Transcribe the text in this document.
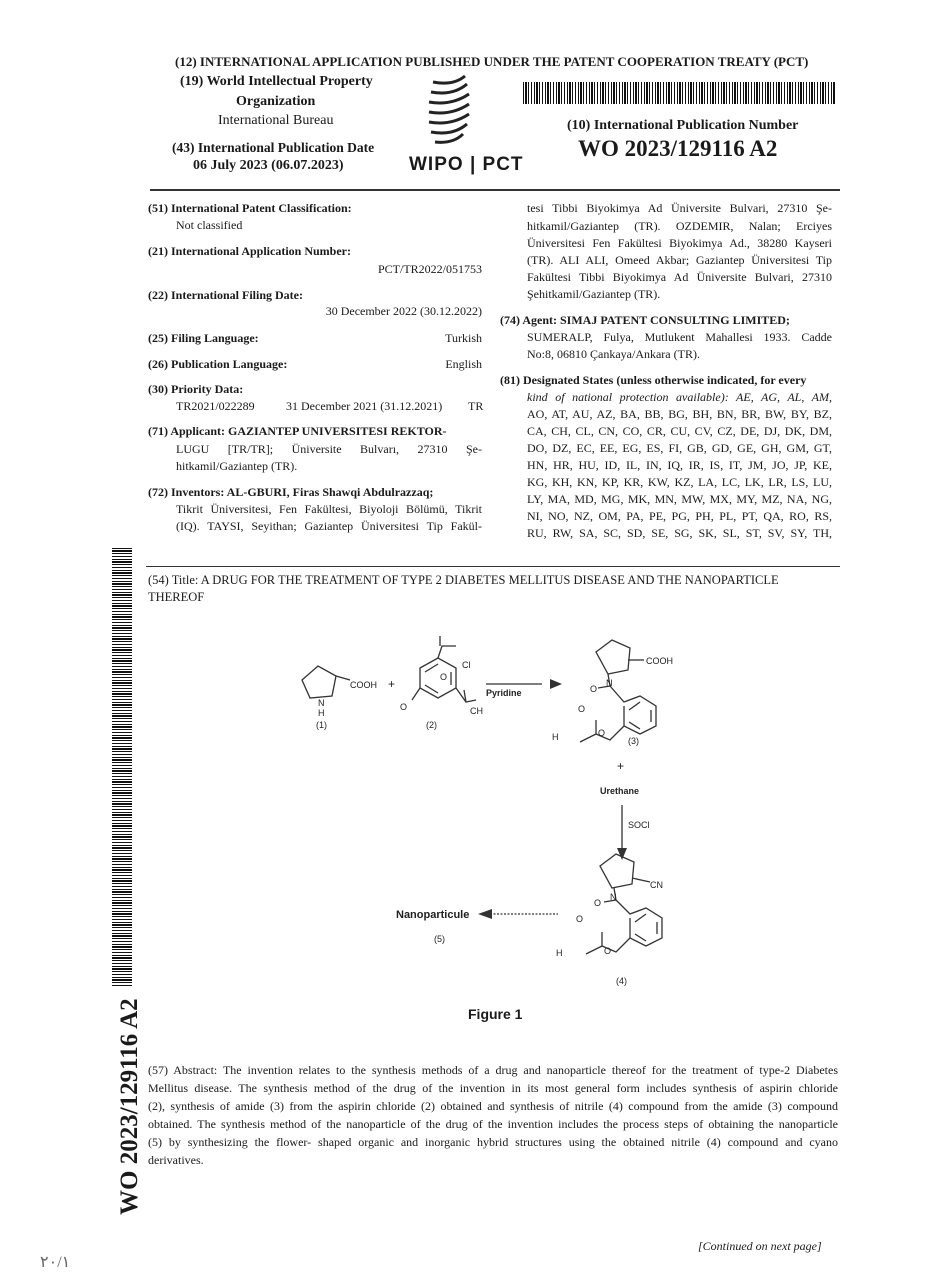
(12) INTERNATIONAL APPLICATION PUBLISHED UNDER THE PATENT COOPERATION TREATY (PCT)
(19) World Intellectual Property
Organization
International Bureau
(43) International Publication Date
06 July 2023 (06.07.2023)	WIPO | PCT
(10) International Publication Number
WO 2023/129116 A2
(51) International Patent Classification:
Not classified
(21) International Application Number:
PCT/TR2022/051753
(22) International Filing Date:
30 December 2022 (30.12.2022)
(25) Filing Language:	Turkish
(26) Publication Language:	English
(30) Priority Data:
TR2021/022289	31 December 2021 (31.12.2021) TR
(71) Applicant: GAZIANTEP UNIVERSITESI REKTOR-
LUGU [TR/TR]; Üniversite Bulvarı, 27310 Şe-
hitkamil/Gaziantep (TR).
(72) Inventors: AL-GBURI, Firas Shawqi Abdulrazzaq;
Tikrit Üniversitesi, Fen Fakültesi, Biyoloji Bölümü, Tikrit
(IQ). TAYSI, Seyithan; Gaziantep Üniversitesi Tip Fakül-
tesi Tibbi Biyokimya Ad Üniversite Bulvari, 27310 Şe-
hitkamil/Gaziantep (TR). OZDEMIR, Nalan; Erciyes
Üniversitesi Fen Fakültesi Biyokimya Ad., 38280 Kayseri
(TR). ALI ALI, Omeed Akbar; Gaziantep Üniversitesi Tip
Fakültesi Tibbi Biyokimya Ad Üniversite Bulvari, 27310
Şehitkamil/Gaziantep (TR).
(74) Agent: SIMAJ PATENT CONSULTING LIMITED;
SUMERALP, Fulya, Mutlukent Mahallesi 1933. Cadde
No:8, 06810 Çankaya/Ankara (TR).
(81) Designated States (unless otherwise indicated, for every
kind of national protection available): AE, AG, AL, AM,
AO, AT, AU, AZ, BA, BB, BG, BH, BN, BR, BW, BY, BZ,
CA, CH, CL, CN, CO, CR, CU, CV, CZ, DE, DJ, DK, DM,
DO, DZ, EC, EE, EG, ES, FI, GB, GD, GE, GH, GM, GT,
HN, HR, HU, ID, IL, IN, IQ, IR, IS, IT, JM, JO, JP, KE,
KG, KH, KN, KP, KR, KW, KZ, LA, LC, LK, LR, LS, LU,
LY, MA, MD, MG, MK, MN, MW, MX, MY, MZ, NA, NG,
NI, NO, NZ, OM, PA, PE, PG, PH, PL, PT, QA, RO, RS,
RU, RW, SA, SC, SD, SE, SG, SK, SL, ST, SV, SY, TH,
WO 2023/129116 A2
(54) Title: A DRUG FOR THE TREATMENT OF TYPE 2 DIABETES MELLITUS DISEASE AND THE NANOPARTICLE
THEREOF
Cl
COOH +	O
O	CH
Pyridine
N
H
(1)	(2)
COOH
N
O
O
O
H	(3)
+
Urethane
SOCl
CN
N
O
O
O
H
(4)
Nanoparticule
(5)
Figure 1
(57) Abstract: The invention relates to the synthesis methods of a drug and nanoparticle thereof for the treatment of type-2 Diabetes
Mellitus disease. The synthesis method of the drug of the invention in its most general form includes synthesis of aspirin chloride
(2), synthesis of amide (3) from the aspirin chloride (2) obtained and synthesis of nitrile (4) compound from the amide (3) compound
obtained. The synthesis method of the nanoparticle of the drug of the invention includes the process steps of obtaining the nanoparticle
(5) by synthesizing the flower- shaped organic and inorganic hybrid structures using the obtained nitrile (4) compound and cyano
derivatives.
[Continued on next page]
۲۰/۱
